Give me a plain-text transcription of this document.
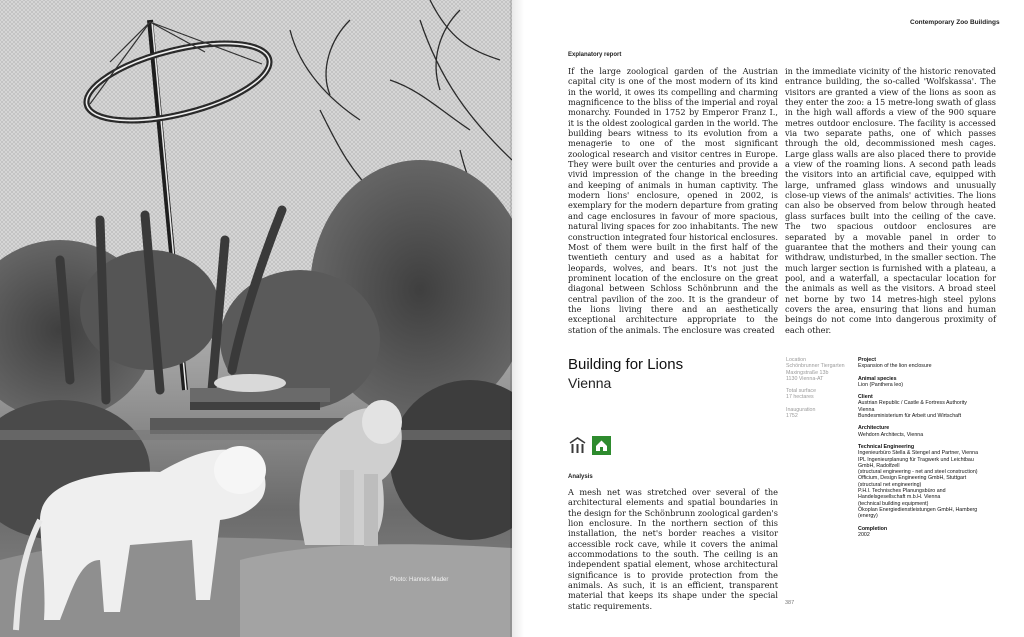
Photo: Hannes Mader
Contemporary Zoo Buildings
Explanatory report
If the large zoological garden of the Austrian capital city is one of the most modern of its kind in the world, it owes its compelling and charming magnificence to the bliss of the imperial and royal monarchy. Founded in 1752 by Emperor Franz I., it is the oldest zoological garden in the world. The building bears witness to its evolution from a menagerie to one of the most significant zoological research and visitor centres in Europe. They were built over the centuries and provide a vivid impression of the change in the breeding and keeping of animals in human captivity. The modern lions' enclosure, opened in 2002, is exemplary for the modern departure from grating and cage enclosures in favour of more spacious, natural living spaces for zoo inhabitants. The new construction integrated four historical enclosures. Most of them were built in the first half of the twentieth century and used as a habitat for leopards, wolves, and bears. It's not just the prominent location of the enclosure on the great diagonal between Schloss Schönbrunn and the central pavilion of the zoo. It is the grandeur of the lions living there and an aesthetically exceptional architecture appropriate to the station of the animals. The enclosure was created
in the immediate vicinity of the historic renovated entrance building, the so-called 'Wolfskassa'. The visitors are granted a view of the lions as soon as they enter the zoo: a 15 metre-long swath of glass in the high wall affords a view of the 900 square metres outdoor enclosure. The facility is accessed via two separate paths, one of which passes through the old, decommissioned mesh cages. Large glass walls are also placed there to provide a view of the roaming lions. A second path leads the visitors into an artificial cave, equipped with large, unframed glass windows and unusually close-up views of the animals' activities. The lions can also be observed from below through heated glass surfaces built into the ceiling of the cave. The two spacious outdoor enclosures are separated by a movable panel in order to guarantee that the mothers and their young can withdraw, undisturbed, in the smaller section. The much larger section is furnished with a plateau, a pool, and a waterfall, a spectacular location for the animals as well as the visitors. A broad steel net borne by two 14 metres-high steel pylons covers the area, ensuring that lions and human beings do not come into dangerous proximity of each other.
Building for Lions
Vienna
Analysis
A mesh net was stretched over several of the architectural elements and spatial boundaries in the design for the Schönbrunn zoological garden's lion enclosure. In the northern section of this installation, the net's border reaches a visitor accessible rock cave, while it covers the animal accommodations to the south. The ceiling is an independent spatial element, whose architectural significance is to provide protection from the animals. As such, it is an efficient, transparent material that keeps its shape under the special static requirements.
Location
Schönbrunner Tiergarten
Maxingstraße 13b
1130 Vienna-AT
Total surface
17 hectares
Inauguration
1752
Project
Expansion of the lion enclosure
Animal species
Lion (Panthera leo)
Client
Austrian Republic / Castle & Fortress Authority
Vienna
Bundesministerium für Arbeit und Wirtschaft
Architecture
Wehdorn Architects, Vienna
Technical Engineering
Ingenieurbüro Stella & Stengel and Partner, Vienna
IPL Ingenieurplanung für Tragwerk und Leichtbau
GmbH, Radolfzell
(structural engineering - net and steel construction)
Officium, Design Engineering GmbH, Stuttgart
(structural net engineering)
P.H.I. Technisches Planungsbüro and
Handelsgesellschaft m.b.H. Vienna
(technical building equipment)
Ökoplan Energiedienstleistungen GmbH, Hamberg
(energy)
Completion
2002
387
